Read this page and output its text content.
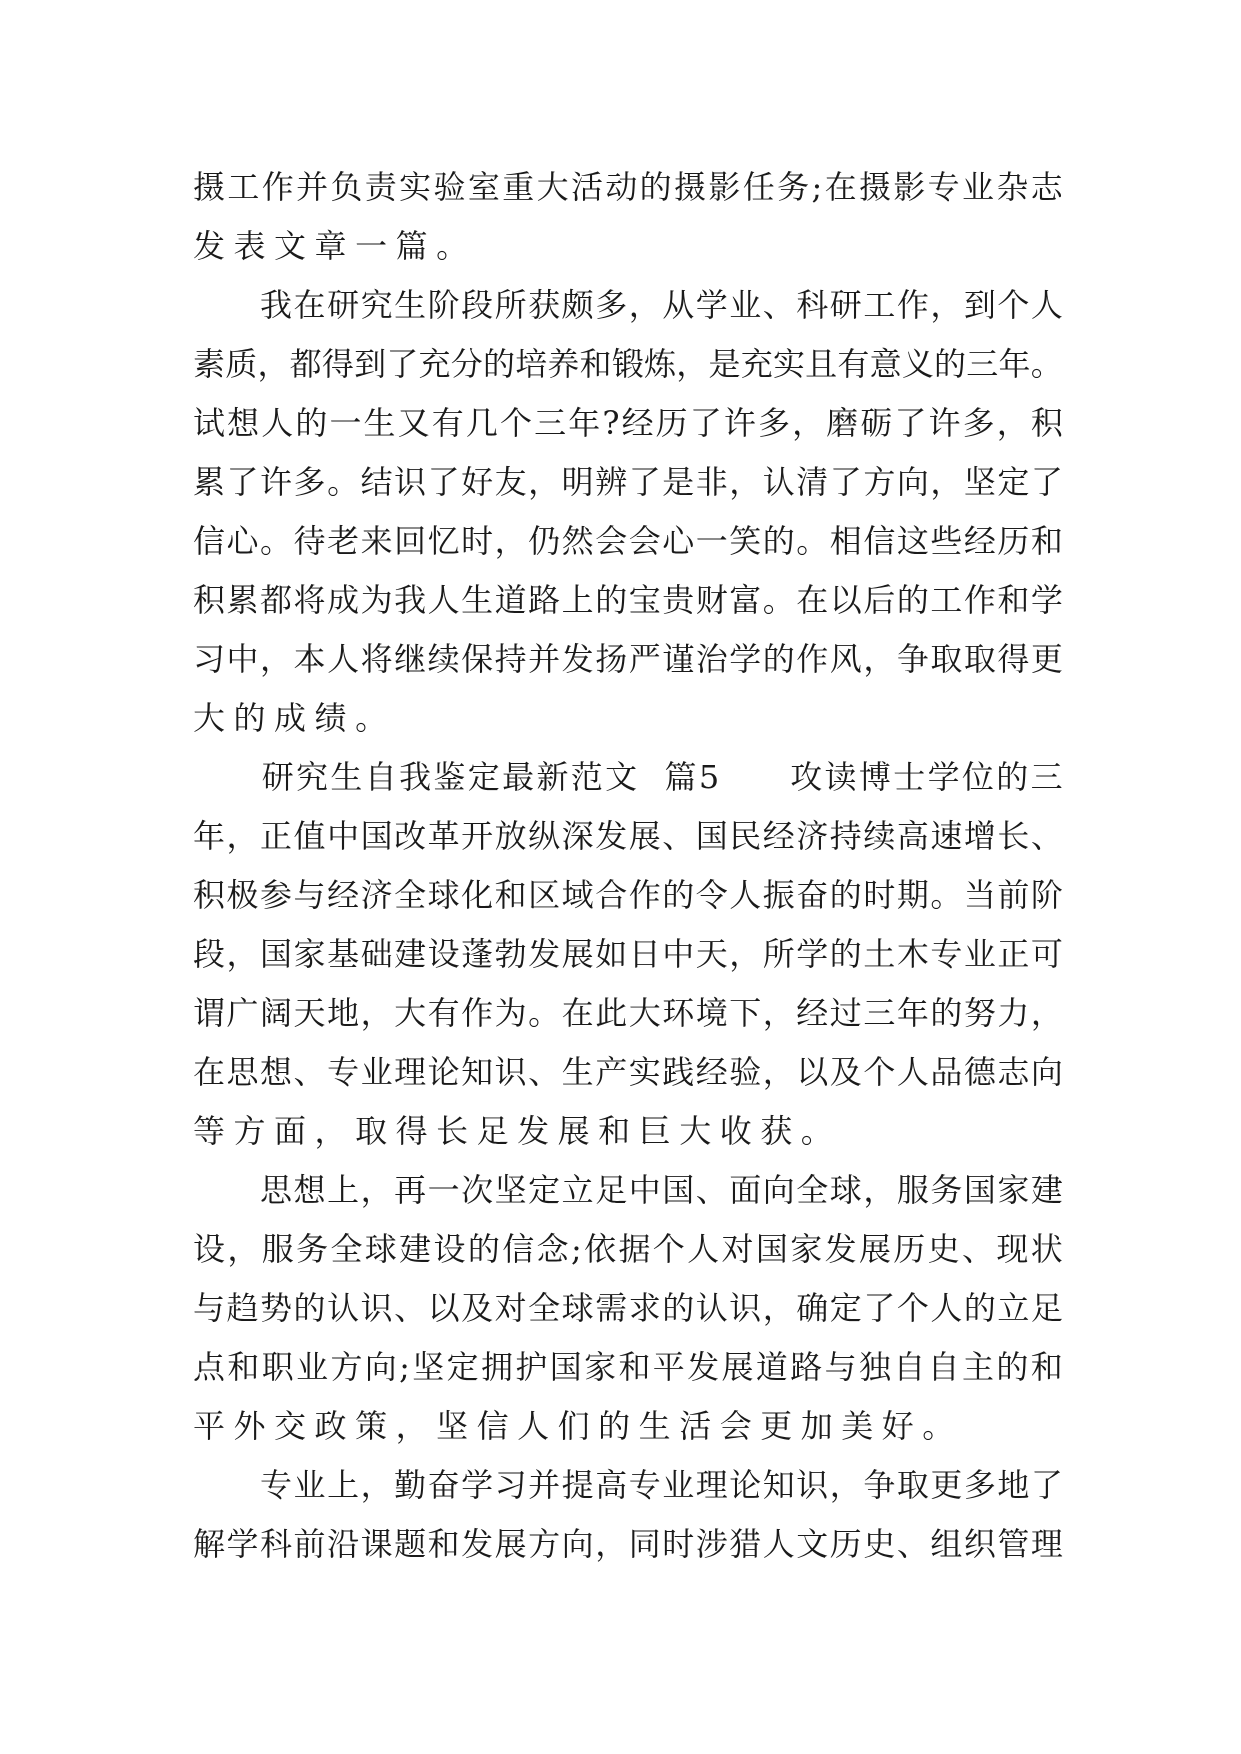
摄 工 作 并 负 责 实 验 室 重 大 活 动 的 摄 影 任 务 ; 在 摄 影 专 业 杂 志
发 表 文 章 一 篇 。

我 在 研 究 生 阶 段 所 获 颇 多 ， 从 学 业 、 科 研 工 作 ， 到 个 人
素 质 ， 都 得 到 了 充 分 的 培 养 和 锻 炼 ， 是 充 实 且 有 意 义 的 三 年 。
试 想 人 的 一 生 又 有 几 个 三 年 ? 经 历 了 许 多 ， 磨 砺 了 许 多 ， 积
累 了 许 多 。 结 识 了 好 友 ， 明 辨 了 是 非 ， 认 清 了 方 向 ， 坚 定 了
信 心 。 待 老 来 回 忆 时 ， 仍 然 会 会 心 一 笑 的 。 相 信 这 些 经 历 和
积 累 都 将 成 为 我 人 生 道 路 上 的 宝 贵 财 富 。 在 以 后 的 工 作 和 学
习 中 ， 本 人 将 继 续 保 持 并 发 扬 严 谨 治 学 的 作 风 ， 争 取 取 得 更
大 的 成 绩 。

研 究 生 自 我 鉴 定 最 新 范 文

篇 5

　 攻 读 博 士 学 位 的 三
年 ， 正 值 中 国 改 革 开 放 纵 深 发 展 、 国 民 经 济 持 续 高 速 增 长 、
积 极 参 与 经 济 全 球 化 和 区 域 合 作 的 令 人 振 奋 的 时 期 。 当 前 阶
段 ， 国 家 基 础 建 设 蓬 勃 发 展 如 日 中 天 ， 所 学 的 土 木 专 业 正 可
谓 广 阔 天 地 ， 大 有 作 为 。 在 此 大 环 境 下 ， 经 过 三 年 的 努 力 ，
在 思 想 、 专 业 理 论 知 识 、 生 产 实 践 经 验 ， 以 及 个 人 品 德 志 向
等 方 面 ， 取 得 长 足 发 展 和 巨 大 收 获 。

思 想 上 ， 再 一 次 坚 定 立 足 中 国 、 面 向 全 球 ， 服 务 国 家 建
设 ， 服 务 全 球 建 设 的 信 念 ; 依 据 个 人 对 国 家 发 展 历 史 、 现 状
与 趋 势 的 认 识 、 以 及 对 全 球 需 求 的 认 识 ， 确 定 了 个 人 的 立 足
点 和 职 业 方 向 ; 坚 定 拥 护 国 家 和 平 发 展 道 路 与 独 自 自 主 的 和
平 外 交 政 策 ， 坚 信 人 们 的 生 活 会 更 加 美 好 。

专 业 上 ， 勤 奋 学 习 并 提 高 专 业 理 论 知 识 ， 争 取 更 多 地 了
解 学 科 前 沿 课 题 和 发 展 方 向 ， 同 时 涉 猎 人 文 历 史 、 组 织 管 理
